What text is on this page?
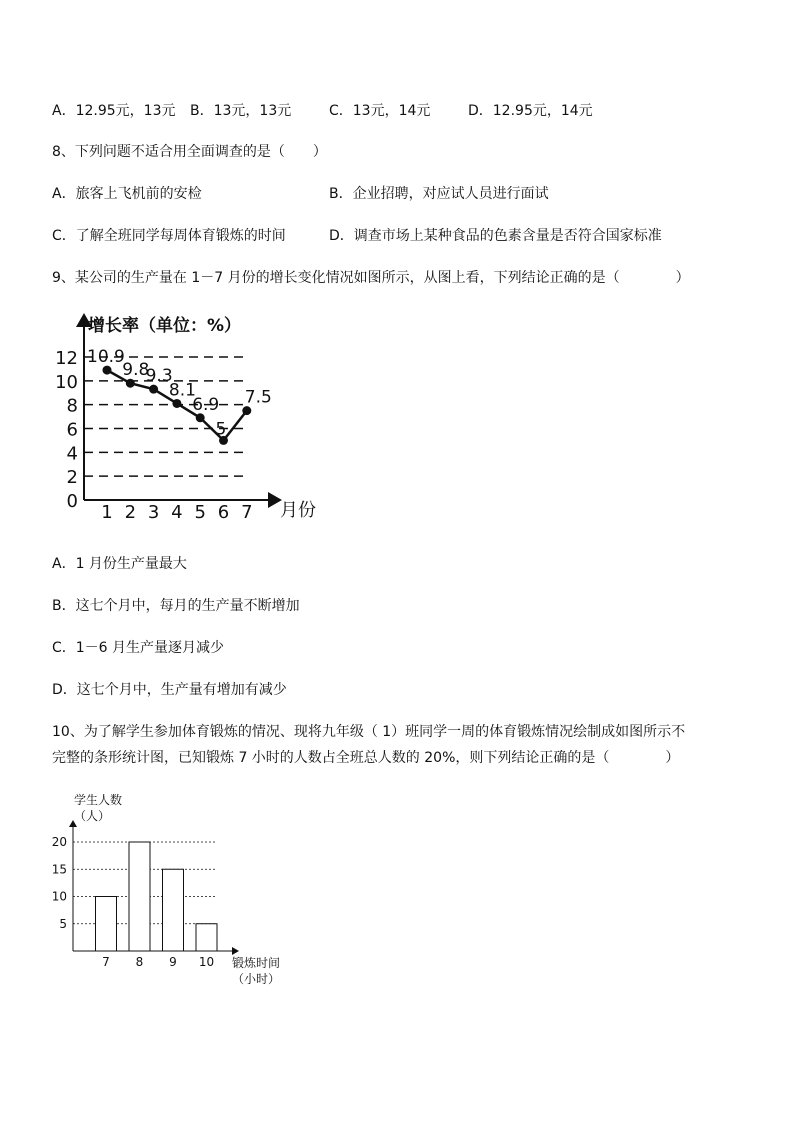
A．12.95元，13元 B．13元，13元	C．13元，14元	D．12.95元，14元
8、下列问题不适合用全面调查的是（　　）
A．旅客上飞机前的安检	B．企业招聘，对应试人员进行面试
C．了解全班同学每周体育锻炼的时间	D．调查市场上某种食品的色素含量是否符合国家标准
9、某公司的生产量在 1－7 月份的增长变化情况如图所示，从图上看，下列结论正确的是（　　　　）
增长率（单位：%）
0
2
4
6
8
10
12
1 2 3 4 5 6 7 月份
10.9
9.8
9.3
8.1
6.9
5
7.5
A．1 月份生产量最大
B．这七个月中，每月的生产量不断增加
C．1－6 月生产量逐月减少
D．这七个月中，生产量有增加有减少
10、为了解学生参加体育锻炼的情况、现将九年级（ 1）班同学一周的体育锻炼情况绘制成如图所示不
完整的条形统计图，已知锻炼 7 小时的人数占全班总人数的 20%，则下列结论正确的是（　　　　）
学生人数
（人）
5
10
15
20
7 8 9 10 锻炼时间
（小时）
